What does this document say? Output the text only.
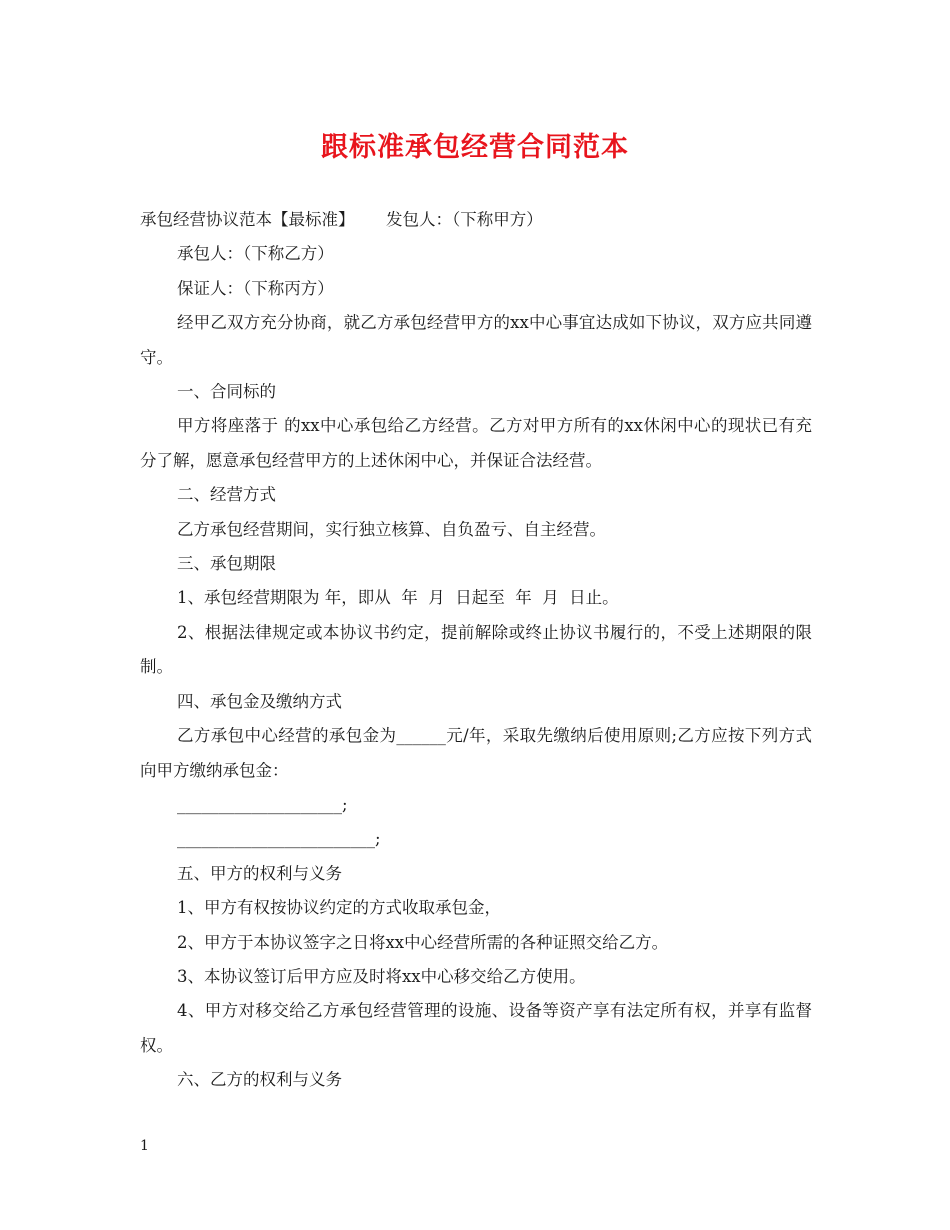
跟标准承包经营合同范本

承包经营协议范本【最标准】      发包人：（下称甲方）

承包人：（下称乙方）

保证人：（下称丙方）

经甲乙双方充分协商，就乙方承包经营甲方的xx中心事宜达成如下协议，双方应共同遵守。

一、合同标的

甲方将座落于 的xx中心承包给乙方经营。乙方对甲方所有的xx休闲中心的现状已有充分了解，愿意承包经营甲方的上述休闲中心，并保证合法经营。

二、经营方式

乙方承包经营期间，实行独立核算、自负盈亏、自主经营。

三、承包期限

1、承包经营期限为 年，即从  年  月  日起至  年  月  日止。

2、根据法律规定或本协议书约定，提前解除或终止协议书履行的，不受上述期限的限制。

四、承包金及缴纳方式

乙方承包中心经营的承包金为______元/年，采取先缴纳后使用原则;乙方应按下列方式向甲方缴纳承包金：

____________________;

________________________;

五、甲方的权利与义务

1、甲方有权按协议约定的方式收取承包金，

2、甲方于本协议签字之日将xx中心经营所需的各种证照交给乙方。

3、本协议签订后甲方应及时将xx中心移交给乙方使用。

4、甲方对移交给乙方承包经营管理的设施、设备等资产享有法定所有权，并享有监督权。

六、乙方的权利与义务

1
